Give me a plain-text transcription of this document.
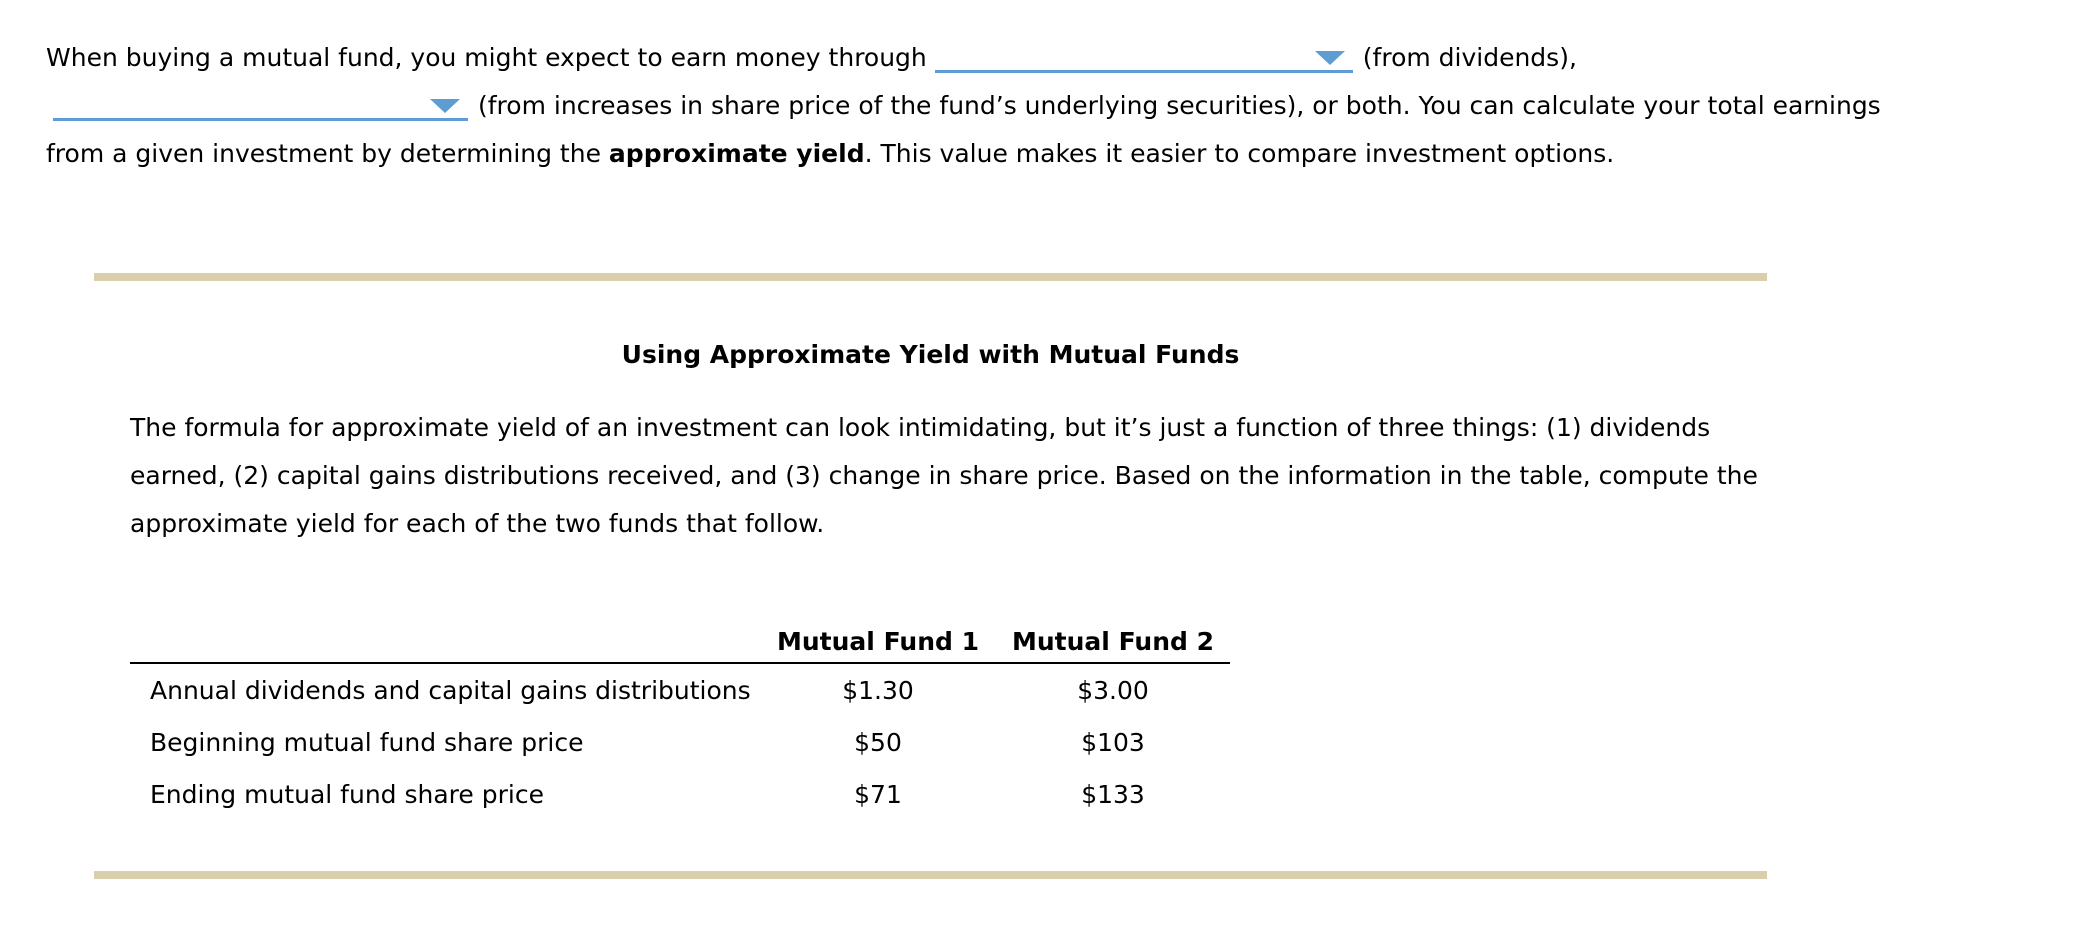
When buying a mutual fund, you might expect to earn money through	(from dividends),
(from increases in share price of the fund’s underlying securities), or both. You can calculate your total earnings
from a given investment by determining the approximate yield. This value makes it easier to compare investment options.
Using Approximate Yield with Mutual Funds
The formula for approximate yield of an investment can look intimidating, but it’s just a function of three things: (1) dividends
earned, (2) capital gains distributions received, and (3) change in share price. Based on the information in the table, compute the
approximate yield for each of the two funds that follow.
	Mutual Fund 1	Mutual Fund 2
Annual dividends and capital gains distributions	$1.30	$3.00
Beginning mutual fund share price	$50	$103
Ending mutual fund share price	$71	$133
